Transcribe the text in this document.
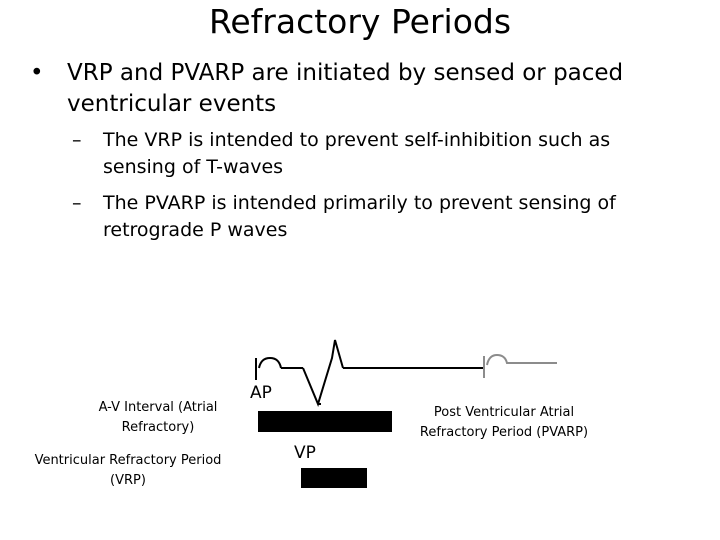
Refractory Periods
•	VRP and PVARP are initiated by sensed or paced ventricular events
–	The VRP is intended to prevent self-inhibition such as sensing of T-waves
–	The PVARP is intended primarily to prevent sensing of retrograde P waves
A-V Interval (Atrial Refractory)
Ventricular Refractory Period (VRP)
Post Ventricular Atrial Refractory Period (PVARP)
AP
VP
